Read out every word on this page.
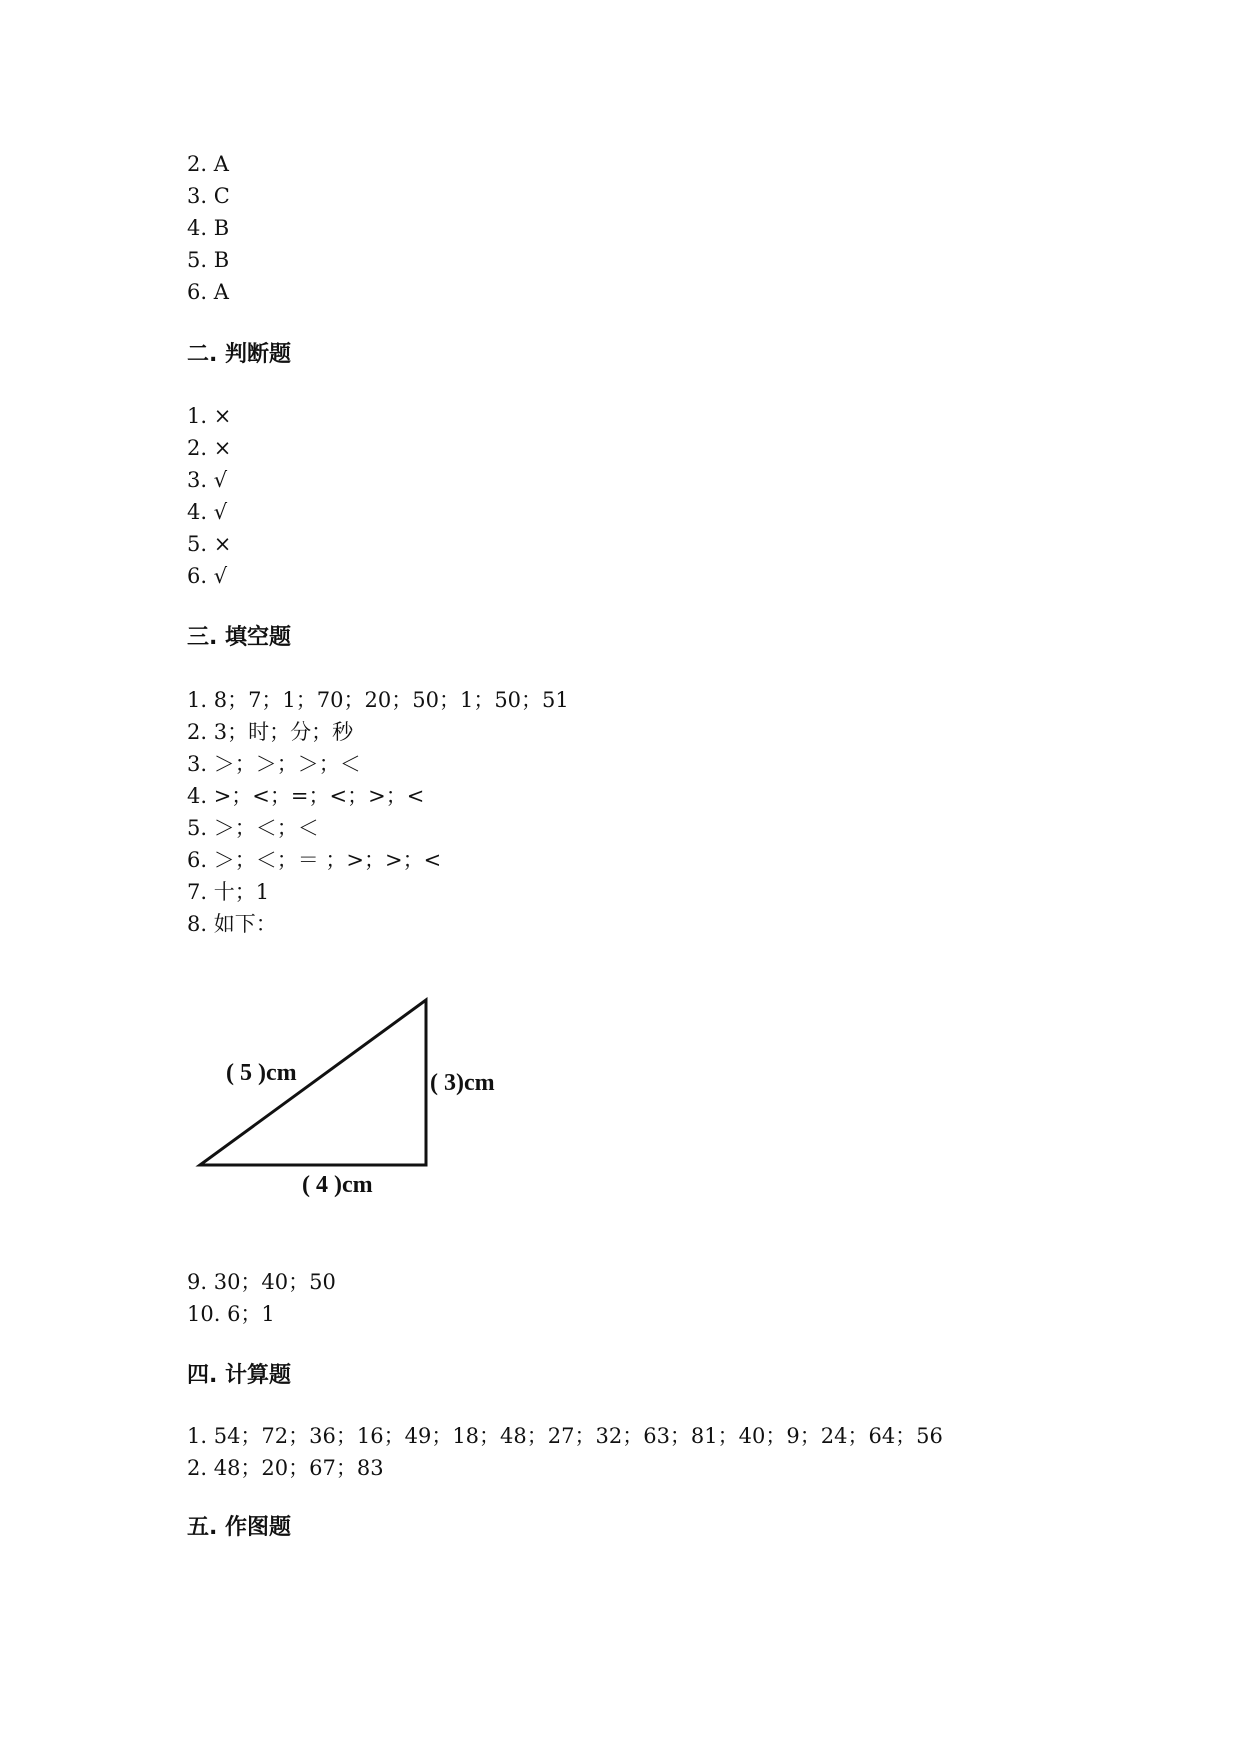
2. A
3. C
4. B
5. B
6. A
二. 判断题
1. ×
2. ×
3. √
4. √
5. ×
6. √
三. 填空题
1. 8；7；1；70；20；50；1；50；51
2. 3；时；分；秒
3. ＞；＞；＞；＜
4. >；<；=；<；>；<
5. ＞；＜；＜
6. ＞；＜；＝ ；>；>；<
7. 十；1
8. 如下：
( 5 )cm	( 3)cm
( 4 )cm
9. 30；40；50
10. 6；1
四. 计算题
1. 54；72；36；16；49；18；48；27；32；63；81；40；9；24；64；56
2. 48；20；67；83
五. 作图题
